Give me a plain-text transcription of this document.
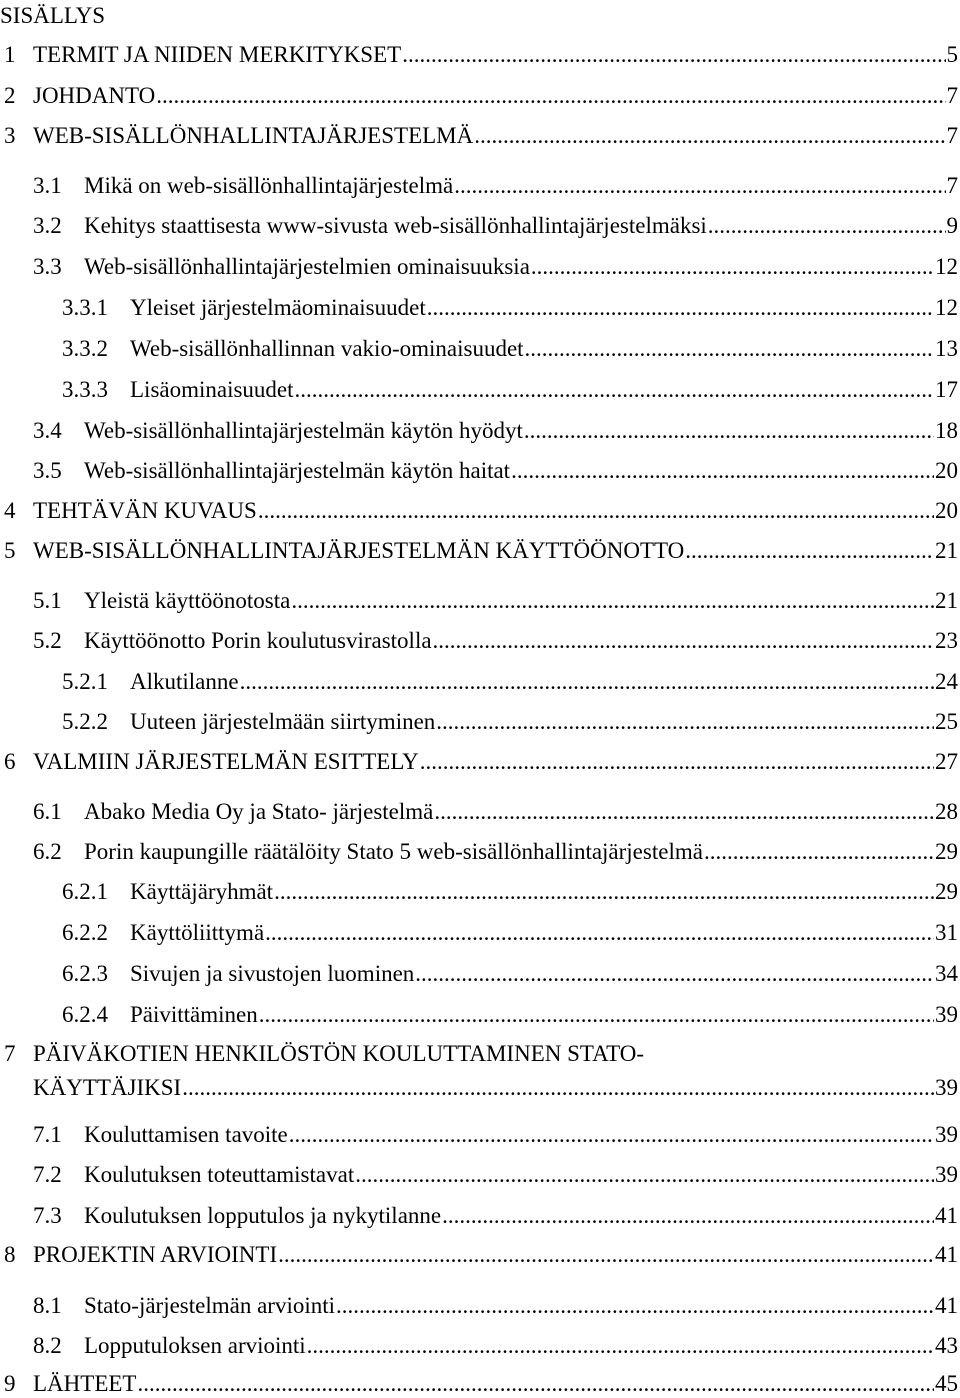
SISÄLLYS
1 TERMIT JA NIIDEN MERKITYKSET .....	5
2 JOHDANTO .....	7
3 WEB-SISÄLLÖNHALLINTAJÄRJESTELMÄ .....	7
3.1 Mikä on web-sisällönhallintajärjestelmä .....	7
3.2 Kehitys staattisesta www-sivusta web-sisällönhallintajärjestelmäksi .....	9
3.3 Web-sisällönhallintajärjestelmien ominaisuuksia .....	12
3.3.1 Yleiset järjestelmäominaisuudet .....	12
3.3.2 Web-sisällönhallinnan vakio-ominaisuudet .....	13
3.3.3 Lisäominaisuudet .....	17
3.4 Web-sisällönhallintajärjestelmän käytön hyödyt .....	18
3.5 Web-sisällönhallintajärjestelmän käytön haitat .....	20
4 TEHTÄVÄN KUVAUS .....	20
5 WEB-SISÄLLÖNHALLINTAJÄRJESTELMÄN KÄYTTÖÖNOTTO .....	21
5.1 Yleistä käyttöönotosta .....	21
5.2 Käyttöönotto Porin koulutusvirastolla .....	23
5.2.1 Alkutilanne .....	24
5.2.2 Uuteen järjestelmään siirtyminen .....	25
6 VALMIIN JÄRJESTELMÄN ESITTELY .....	27
6.1 Abako Media Oy ja Stato- järjestelmä .....	28
6.2 Porin kaupungille räätälöity Stato 5 web-sisällönhallintajärjestelmä .....	29
6.2.1 Käyttäjäryhmät .....	29
6.2.2 Käyttöliittymä .....	31
6.2.3 Sivujen ja sivustojen luominen .....	34
6.2.4 Päivittäminen .....	39
7 PÄIVÄKOTIEN HENKILÖSTÖN KOULUTTAMINEN STATO-
KÄYTTÄJIKSI .....	39
7.1 Kouluttamisen tavoite .....	39
7.2 Koulutuksen toteuttamistavat .....	39
7.3 Koulutuksen lopputulos ja nykytilanne .....	41
8 PROJEKTIN ARVIOINTI .....	41
8.1 Stato-järjestelmän arviointi .....	41
8.2 Lopputuloksen arviointi .....	43
9 LÄHTEET .....	45
